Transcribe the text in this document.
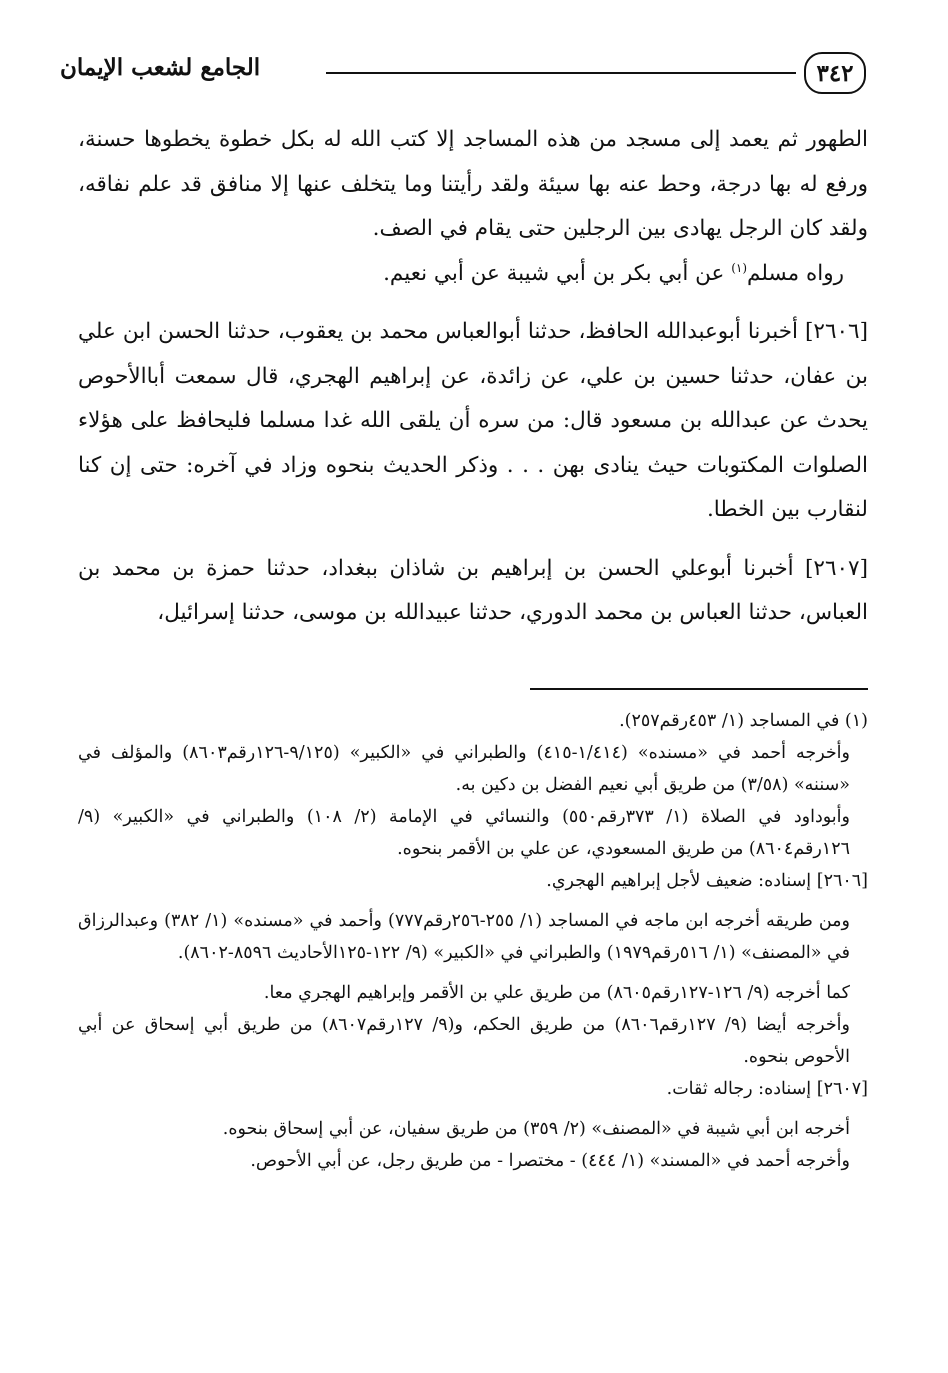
٣٤٢
الجامع لشعب الإيمان

الطهور ثم يعمد إلى مسجد من هذه المساجد إلا كتب الله له بكل خطوة يخطوها حسنة، ورفع له بها درجة، وحط عنه بها سيئة ولقد رأيتنا وما يتخلف عنها إلا منافق قد علم نفاقه، ولقد كان الرجل يهادى بين الرجلين حتى يقام في الصف.

رواه مسلم$^{(١)}$ عن أبي بكر بن أبي شيبة عن أبي نعيم.

[٢٦٠٦] أخبرنا أبوعبدالله الحافظ، حدثنا أبوالعباس محمد بن يعقوب، حدثنا الحسن ابن علي بن عفان، حدثنا حسين بن علي، عن زائدة، عن إبراهيم الهجري، قال سمعت أباالأحوص يحدث عن عبدالله بن مسعود قال: من سره أن يلقى الله غدا مسلما فليحافظ على هؤلاء الصلوات المكتوبات حيث ينادى بهن . . . وذكر الحديث بنحوه وزاد في آخره: حتى إن كنا لنقارب بين الخطا.

[٢٦٠٧] أخبرنا أبوعلي الحسن بن إبراهيم بن شاذان ببغداد، حدثنا حمزة بن محمد بن العباس، حدثنا العباس بن محمد الدوري، حدثنا عبيدالله بن موسى، حدثنا إسرائيل،

(١) في المساجد (١/ ٤٥٣رقم٢٥٧).

وأخرجه أحمد في «مسنده» (١/٤١٤-٤١٥) والطبراني في «الكبير» (٩/١٢٥-١٢٦رقم٨٦٠٣) والمؤلف في «سننه» (٣/٥٨) من طريق أبي نعيم الفضل بن دكين به.

وأبوداود في الصلاة (١/ ٣٧٣رقم٥٥٠) والنسائي في الإمامة (٢/ ١٠٨) والطبراني في «الكبير» (٩/ ١٢٦رقم٨٦٠٤) من طريق المسعودي، عن علي بن الأقمر بنحوه.

[٢٦٠٦] إسناده: ضعيف لأجل إبراهيم الهجري.

ومن طريقه أخرجه ابن ماجه في المساجد (١/ ٢٥٥-٢٥٦رقم٧٧٧) وأحمد في «مسنده» (١/ ٣٨٢) وعبدالرزاق في «المصنف» (١/ ٥١٦رقم١٩٧٩) والطبراني في «الكبير» (٩/ ١٢٢-١٢٥الأحاديث ٨٥٩٦-٨٦٠٢).

كما أخرجه (٩/ ١٢٦-١٢٧رقم٨٦٠٥) من طريق علي بن الأقمر وإبراهيم الهجري معا.

وأخرجه أيضا (٩/ ١٢٧رقم٨٦٠٦) من طريق الحكم، و(٩/ ١٢٧رقم٨٦٠٧) من طريق أبي إسحاق عن أبي الأحوص بنحوه.

[٢٦٠٧] إسناده: رجاله ثقات.

أخرجه ابن أبي شيبة في «المصنف» (٢/ ٣٥٩) من طريق سفيان، عن أبي إسحاق بنحوه.

وأخرجه أحمد في «المسند» (١/ ٤٤٤) - مختصرا - من طريق رجل، عن أبي الأحوص.
